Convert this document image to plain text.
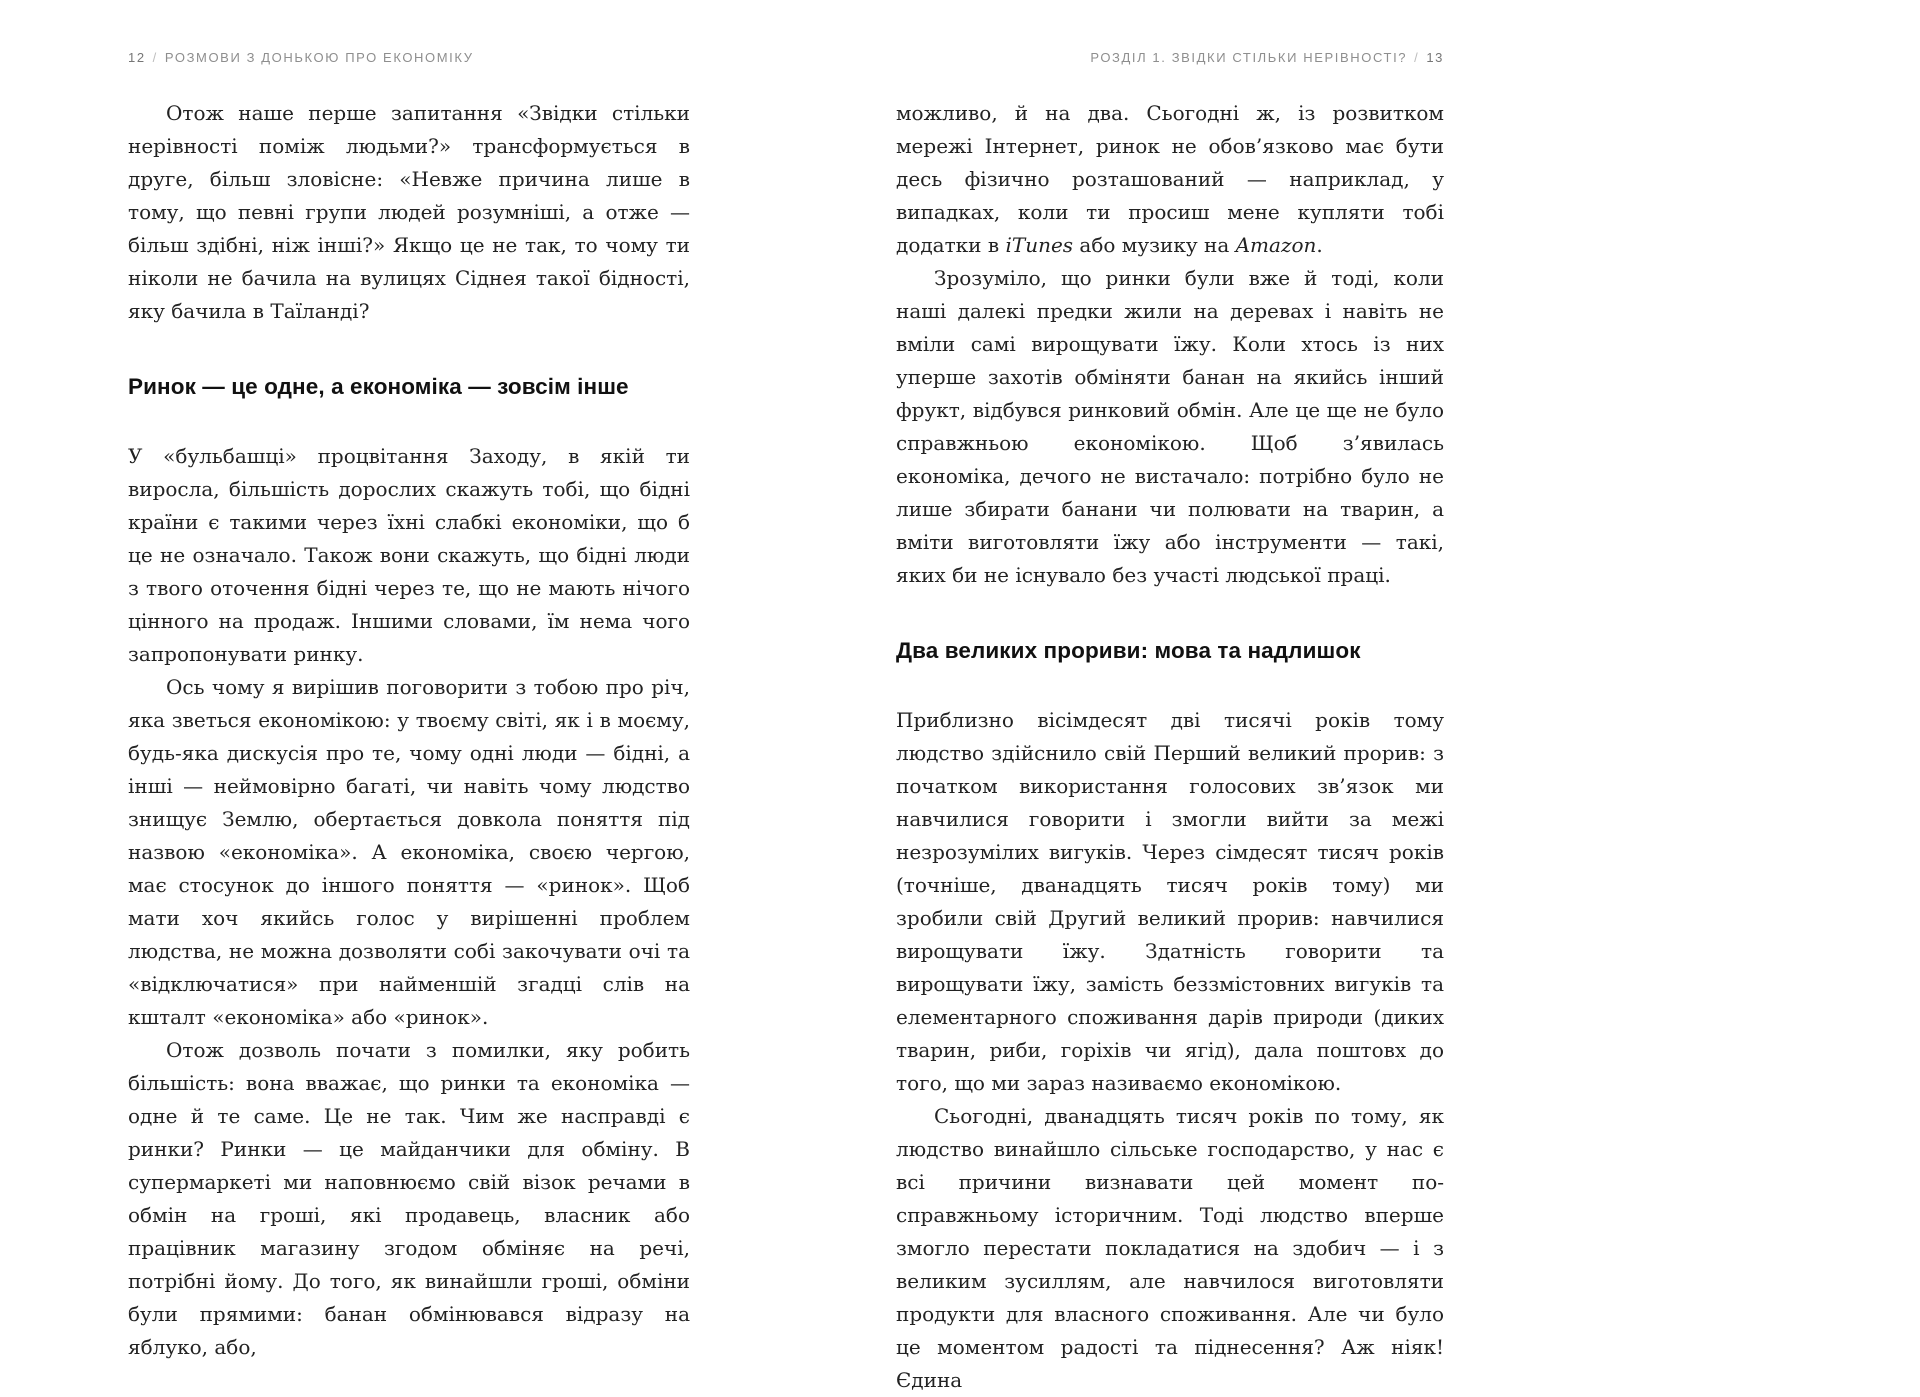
12 / РОЗМОВИ З ДОНЬКОЮ ПРО ЕКОНОМІКУ

Отож наше перше запитання «Звідки стільки нерівності поміж людьми?» трансформується в друге, більш зловісне: «Невже причина лише в тому, що певні групи людей розумніші, а отже — більш здібні, ніж інші?» Якщо це не так, то чому ти ніколи не бачила на вулицях Сіднея такої бідності, яку бачила в Таїланді?

Ринок — це одне, а економіка — зовсім інше

У «бульбашці» процвітання Заходу, в якій ти виросла, більшість дорослих скажуть тобі, що бідні країни є такими через їхні слабкі економіки, що б це не означало. Також вони скажуть, що бідні люди з твого оточення бідні через те, що не мають нічого цінного на продаж. Іншими словами, їм нема чого запропонувати ринку.

Ось чому я вирішив поговорити з тобою про річ, яка зветься економікою: у твоєму світі, як і в моєму, будь-яка дискусія про те, чому одні люди — бідні, а інші — неймовірно багаті, чи навіть чому людство знищує Землю, обертається довкола поняття під назвою «економіка». А економіка, своєю чергою, має стосунок до іншого поняття — «ринок». Щоб мати хоч якийсь голос у вирішенні проблем людства, не можна дозволяти собі закочувати очі та «відключатися» при найменшій згадці слів на кшталт «економіка» або «ринок».

Отож дозволь почати з помилки, яку робить більшість: вона вважає, що ринки та економіка — одне й те саме. Це не так. Чим же насправді є ринки? Ринки — це майданчики для обміну. В супермаркеті ми наповнюємо свій візок речами в обмін на гроші, які продавець, власник або працівник магазину згодом обміняє на речі, потрібні йому. До того, як винайшли гроші, обміни були прямими: банан обмінювався відразу на яблуко, або,

РОЗДІЛ 1. ЗВІДКИ СТІЛЬКИ НЕРІВНОСТІ? / 13

можливо, й на два. Сьогодні ж, із розвитком мережі Інтернет, ринок не обов’язково має бути десь фізично розташований — наприклад, у випадках, коли ти просиш мене купляти тобі додатки в iTunes або музику на Amazon.

Зрозуміло, що ринки були вже й тоді, коли наші далекі предки жили на деревах і навіть не вміли самі вирощувати їжу. Коли хтось із них уперше захотів обміняти банан на якийсь інший фрукт, відбувся ринковий обмін. Але це ще не було справжньою економікою. Щоб з’явилась економіка, дечого не вистачало: потрібно було не лише збирати банани чи полювати на тварин, а вміти виготовляти їжу або інструменти — такі, яких би не існувало без участі людської праці.

Два великих прориви: мова та надлишок

Приблизно вісімдесят дві тисячі років тому людство здійснило свій Перший великий прорив: з початком використання голосових зв’язок ми навчилися говорити і змогли вийти за межі незрозумілих вигуків. Через сімдесят тисяч років (точніше, дванадцять тисяч років тому) ми зробили свій Другий великий прорив: навчилися вирощувати їжу. Здатність говорити та вирощувати їжу, замість беззмістовних вигуків та елементарного споживання дарів природи (диких тварин, риби, горіхів чи ягід), дала поштовх до того, що ми зараз називаємо економікою.

Сьогодні, дванадцять тисяч років по тому, як людство винайшло сільське господарство, у нас є всі причини визнавати цей момент по-справжньому історичним. Тоді людство вперше змогло перестати покладатися на здобич — і з великим зусиллям, але навчилося виготовляти продукти для власного споживання. Але чи було це моментом радості та піднесення? Аж ніяк! Єдина
